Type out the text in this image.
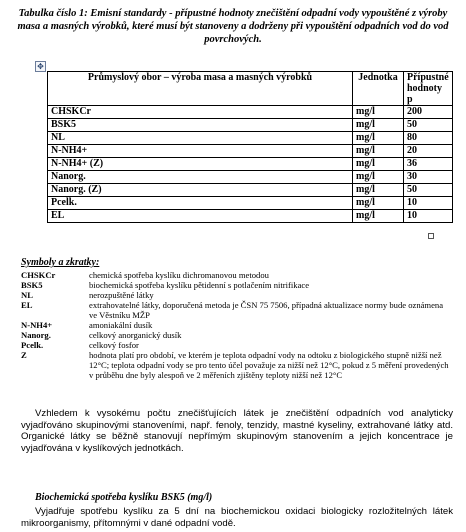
Tabulka číslo 1: Emisní standardy - přípustné hodnoty znečištění odpadní vody vypouštěné z výroby masa a masných výrobků, které musí být stanoveny a dodrženy při vypouštění odpadních vod do vod povrchových.
✥
Průmyslový obor – výroba masa a masných výrobků	Jednotka	Přípustné hodnoty p
CHSKCr	mg/l	200
BSK5	mg/l	50
NL	mg/l	80
N-NH4+	mg/l	20
N-NH4+ (Z)	mg/l	36
Nanorg.	mg/l	30
Nanorg. (Z)	mg/l	50
Pcelk.	mg/l	10
EL	mg/l	10
Symboly a zkratky:
CHSKCr	chemická spotřeba kyslíku dichromanovou metodou
BSK5	biochemická spotřeba kyslíku pětidenní s potlačením nitrifikace
NL	nerozpuštěné látky
EL	extrahovatelné látky, doporučená metoda je ČSN 75 7506, případná aktualizace normy bude oznámena ve Věstníku MŽP
N-NH4+	amoniakální dusík
Nanorg.	celkový anorganický dusík
Pcelk.	celkový fosfor
Z	hodnota platí pro období, ve kterém je teplota odpadní vody na odtoku z biologického stupně nižší než 12°C; teplota odpadní vody se pro tento účel považuje za nižší než 12°C, pokud z 5 měření provedených v průběhu dne byly alespoň ve 2 měřeních zjištěny teploty nižší než 12°C
Vzhledem k vysokému počtu znečišťujících látek je znečištění odpadních vod analyticky vyjadřováno skupinovými stanoveními, např. fenoly, tenzidy, mastné kyseliny, extrahované látky atd. Organické látky se běžně stanovují nepřímým skupinovým stanovením a jejich koncentrace je vyjadřována v kyslíkových jednotkách.
Biochemická spotřeba kyslíku BSK5 (mg/l)
Vyjadřuje spotřebu kyslíku za 5 dní na biochemickou oxidaci biologicky rozložitelných látek mikroorganismy, přítomnými v dané odpadní vodě.
